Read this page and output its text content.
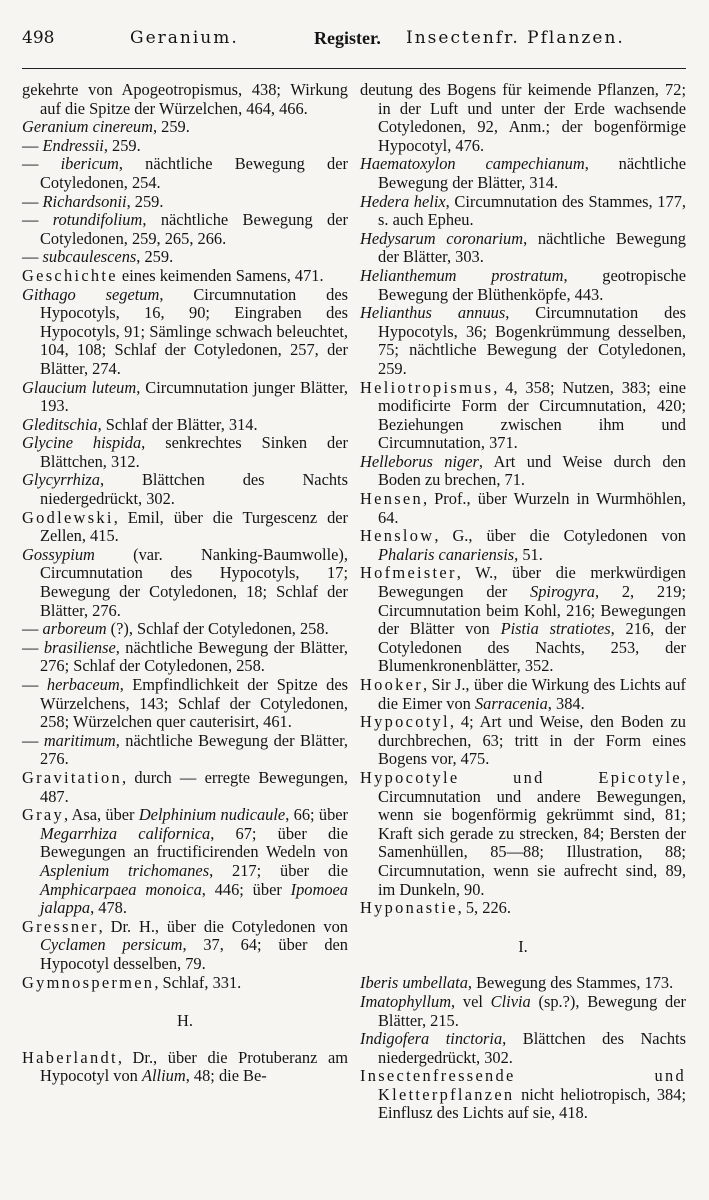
498	Geranium.	Register. Insectenfr. Pflanzen.

gekehrte von Apogeotropismus, 438; Wirkung auf die Spitze der Würzelchen, 464, 466.

Geranium cinereum, 259.

— Endressii, 259.

— ibericum, nächtliche Bewegung der Cotyledonen, 254.

— Richardsonii, 259.

— rotundifolium, nächtliche Bewegung der Cotyledonen, 259, 265, 266.

— subcaulescens, 259.

Geschichte eines keimenden Samens, 471.

Githago segetum, Circumnutation des Hypocotyls, 16, 90; Eingraben des Hypocotyls, 91; Sämlinge schwach beleuchtet, 104, 108; Schlaf der Cotyledonen, 257, der Blätter, 274.

Glaucium luteum, Circumnutation junger Blätter, 193.

Gleditschia, Schlaf der Blätter, 314.

Glycine hispida, senkrechtes Sinken der Blättchen, 312.

Glycyrrhiza, Blättchen des Nachts niedergedrückt, 302.

Godlewski, Emil, über die Turgescenz der Zellen, 415.

Gossypium (var. Nanking-Baumwolle), Circumnutation des Hypocotyls, 17; Bewegung der Cotyledonen, 18; Schlaf der Blätter, 276.

— arboreum (?), Schlaf der Cotyledonen, 258.

— brasiliense, nächtliche Bewegung der Blätter, 276; Schlaf der Cotyledonen, 258.

— herbaceum, Empfindlichkeit der Spitze des Würzelchens, 143; Schlaf der Cotyledonen, 258; Würzelchen quer cauterisirt, 461.

— maritimum, nächtliche Bewegung der Blätter, 276.

Gravitation, durch — erregte Bewegungen, 487.

Gray, Asa, über Delphinium nudicaule, 66; über Megarrhiza californica, 67; über die Bewegungen an fructificirenden Wedeln von Asplenium trichomanes, 217; über die Amphicarpaea monoica, 446; über Ipomoea jalappa, 478.

Gressner, Dr. H., über die Cotyledonen von Cyclamen persicum, 37, 64; über den Hypocotyl desselben, 79.

Gymnospermen, Schlaf, 331.

H.

Haberlandt, Dr., über die Protuberanz am Hypocotyl von Allium, 48; die Be-

deutung des Bogens für keimende Pflanzen, 72; in der Luft und unter der Erde wachsende Cotyledonen, 92, Anm.; der bogenförmige Hypocotyl, 476.

Haematoxylon campechianum, nächtliche Bewegung der Blätter, 314.

Hedera helix, Circumnutation des Stammes, 177, s. auch Epheu.

Hedysarum coronarium, nächtliche Bewegung der Blätter, 303.

Helianthemum prostratum, geotropische Bewegung der Blüthenköpfe, 443.

Helianthus annuus, Circumnutation des Hypocotyls, 36; Bogenkrümmung desselben, 75; nächtliche Bewegung der Cotyledonen, 259.

Heliotropismus, 4, 358; Nutzen, 383; eine modificirte Form der Circumnutation, 420; Beziehungen zwischen ihm und Circumnutation, 371.

Helleborus niger, Art und Weise durch den Boden zu brechen, 71.

Hensen, Prof., über Wurzeln in Wurmhöhlen, 64.

Henslow, G., über die Cotyledonen von Phalaris canariensis, 51.

Hofmeister, W., über die merkwürdigen Bewegungen der Spirogyra, 2, 219; Circumnutation beim Kohl, 216; Bewegungen der Blätter von Pistia stratiotes, 216, der Cotyledonen des Nachts, 253, der Blumenkronenblätter, 352.

Hooker, Sir J., über die Wirkung des Lichts auf die Eimer von Sarracenia, 384.

Hypocotyl, 4; Art und Weise, den Boden zu durchbrechen, 63; tritt in der Form eines Bogens vor, 475.

Hypocotyle und Epicotyle, Circumnutation und andere Bewegungen, wenn sie bogenförmig gekrümmt sind, 81; Kraft sich gerade zu strecken, 84; Bersten der Samenhüllen, 85—88; Illustration, 88; Circumnutation, wenn sie aufrecht sind, 89, im Dunkeln, 90.

Hyponastie, 5, 226.

I.

Iberis umbellata, Bewegung des Stammes, 173.

Imatophyllum, vel Clivia (sp.?), Bewegung der Blätter, 215.

Indigofera tinctoria, Blättchen des Nachts niedergedrückt, 302.

Insectenfressende und Kletterpflanzen nicht heliotropisch, 384; Einflusz des Lichts auf sie, 418.
